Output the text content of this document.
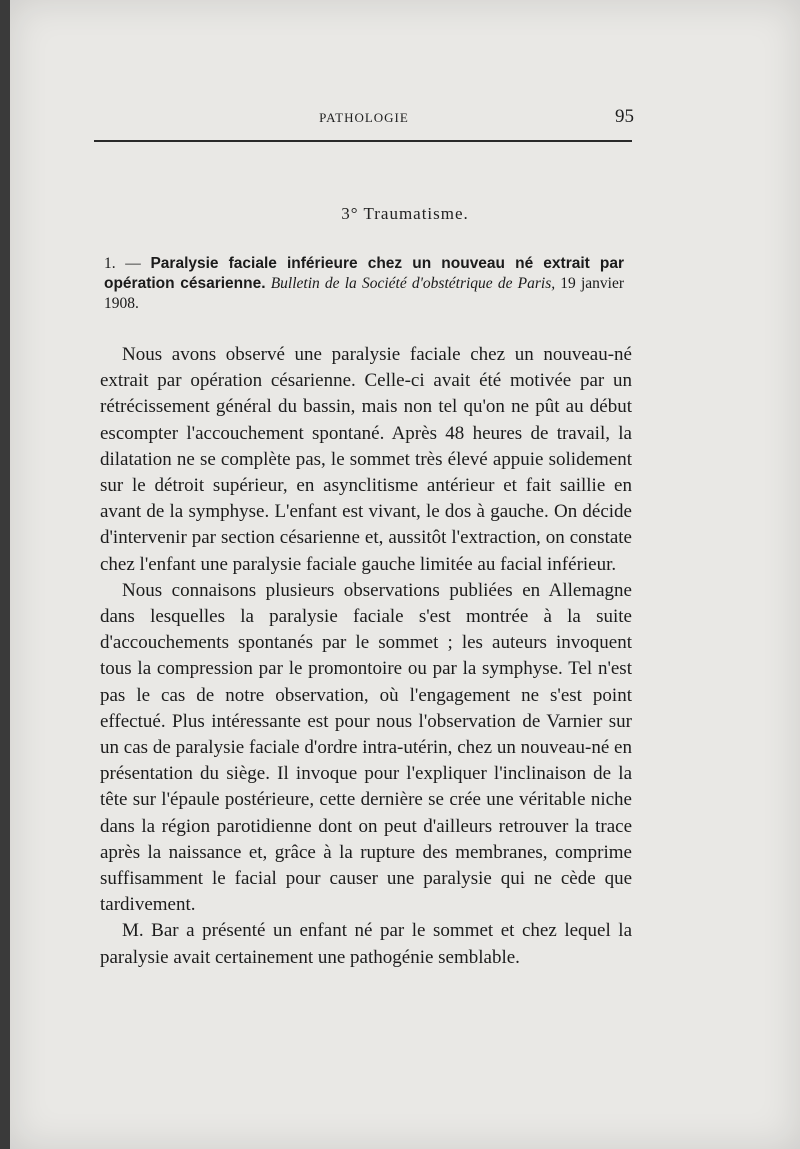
PATHOLOGIE	95
3° Traumatisme.
1. — Paralysie faciale inférieure chez un nouveau né extrait par opération césarienne. Bulletin de la Société d'obstétrique de Paris, 19 janvier 1908.

Nous avons observé une paralysie faciale chez un nouveau-né extrait par opération césarienne. Celle-ci avait été motivée par un rétrécissement général du bassin, mais non tel qu'on ne pût au début escompter l'accouchement spontané. Après 48 heures de travail, la dilatation ne se complète pas, le sommet très élevé appuie solidement sur le détroit supérieur, en asynclitisme antérieur et fait saillie en avant de la symphyse. L'enfant est vivant, le dos à gauche. On décide d'intervenir par section césarienne et, aussitôt l'extraction, on constate chez l'enfant une paralysie faciale gauche limitée au facial inférieur.

Nous connaisons plusieurs observations publiées en Allemagne dans lesquelles la paralysie faciale s'est montrée à la suite d'accouchements spontanés par le sommet ; les auteurs invoquent tous la compression par le promontoire ou par la symphyse. Tel n'est pas le cas de notre observation, où l'engagement ne s'est point effectué. Plus intéressante est pour nous l'observation de Varnier sur un cas de paralysie faciale d'ordre intra-utérin, chez un nouveau-né en présentation du siège. Il invoque pour l'expliquer l'inclinaison de la tête sur l'épaule postérieure, cette dernière se crée une véritable niche dans la région parotidienne dont on peut d'ailleurs retrouver la trace après la naissance et, grâce à la rupture des membranes, comprime suffisamment le facial pour causer une paralysie qui ne cède que tardivement.

M. Bar a présenté un enfant né par le sommet et chez lequel la paralysie avait certainement une pathogénie semblable.
